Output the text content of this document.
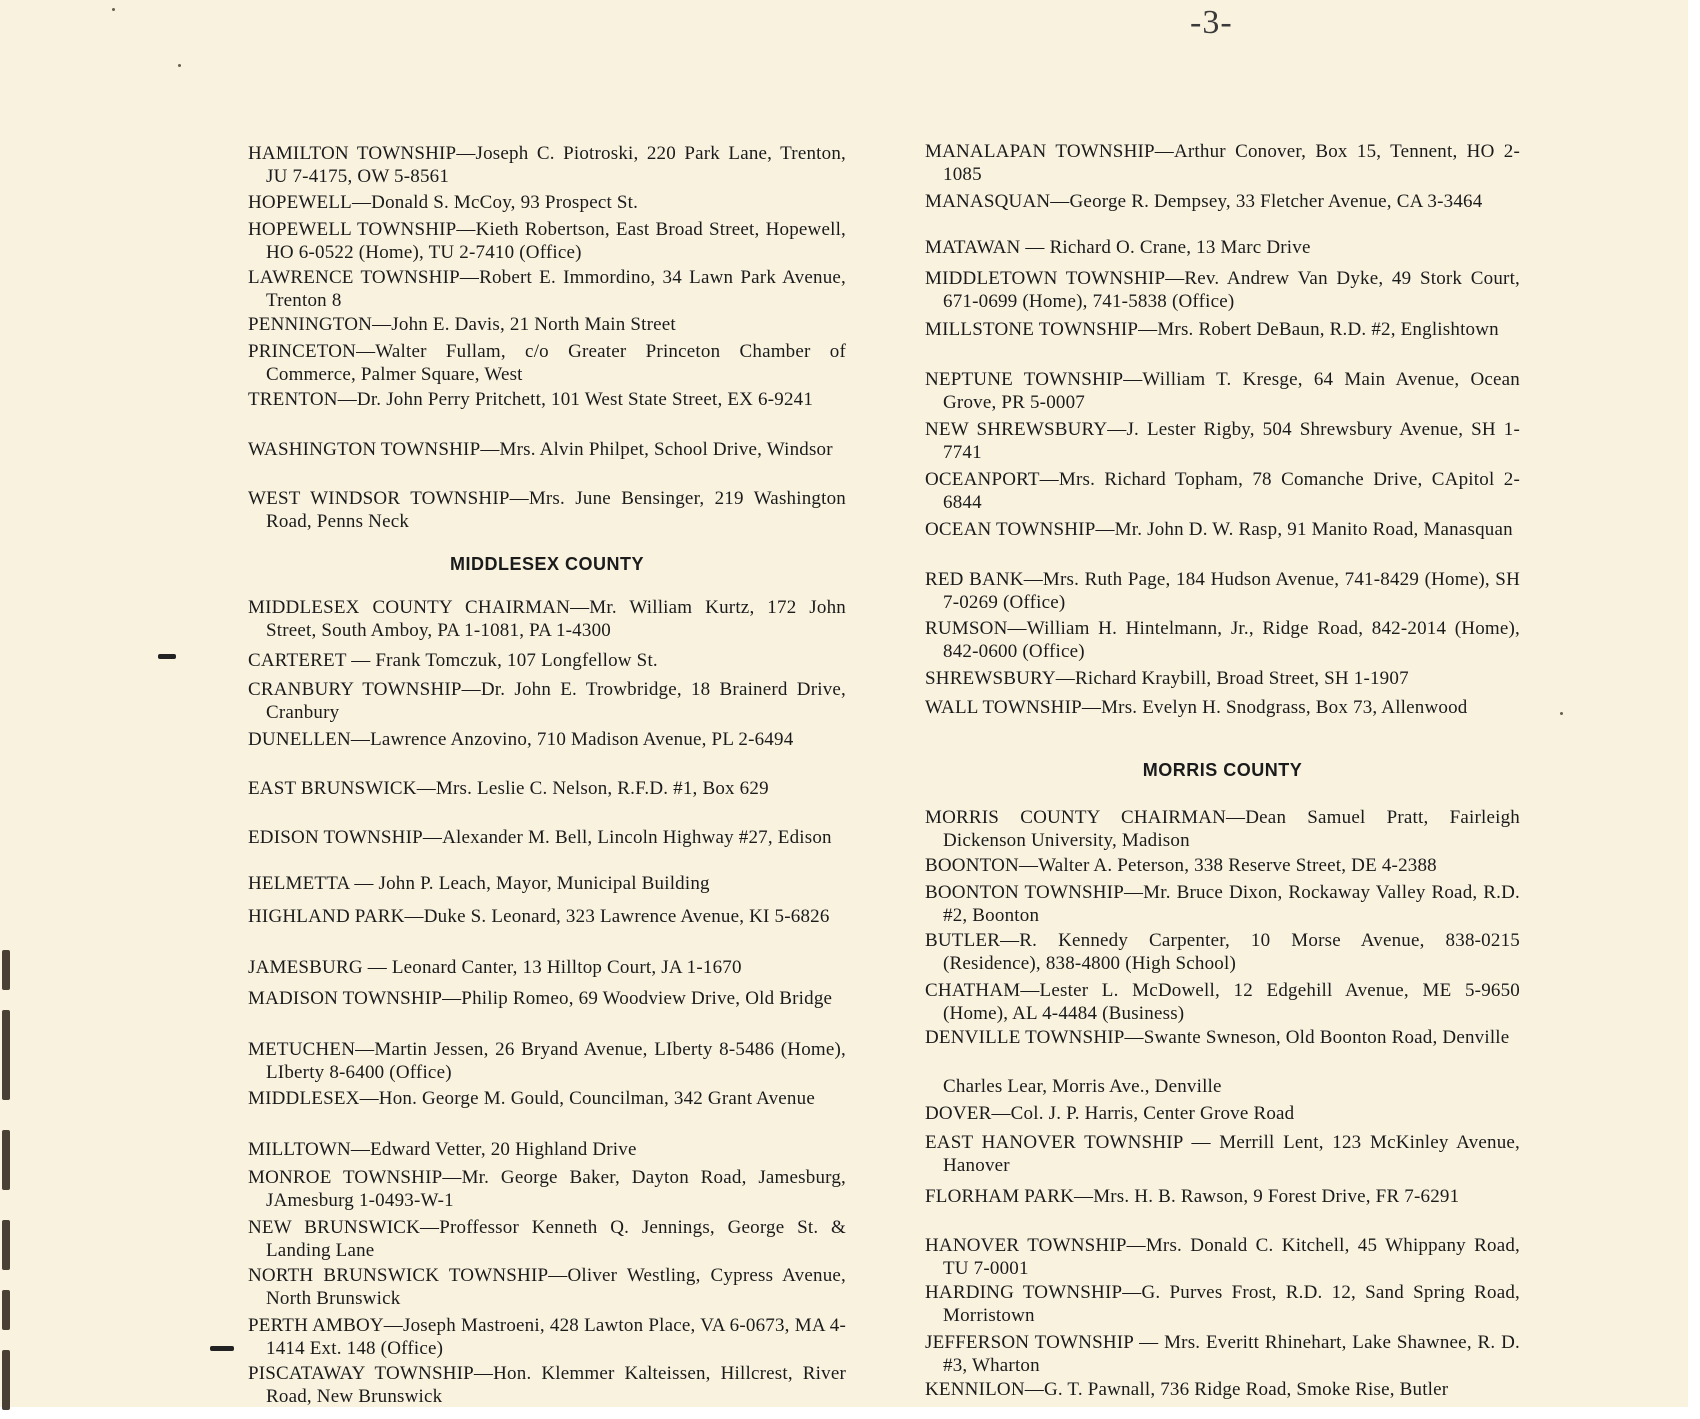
-3-
HAMILTON TOWNSHIP—Joseph C. Piotroski, 220 Park Lane, Trenton, JU 7-4175, OW 5-8561
HOPEWELL—Donald S. McCoy, 93 Prospect St.
HOPEWELL TOWNSHIP—Kieth Robertson, East Broad Street, Hopewell, HO 6-0522 (Home), TU 2-7410 (Office)
LAWRENCE TOWNSHIP—Robert E. Immordino, 34 Lawn Park Avenue, Trenton 8
PENNINGTON—John E. Davis, 21 North Main Street
PRINCETON—Walter Fullam, c/o Greater Princeton Chamber of Commerce, Palmer Square, West
TRENTON—Dr. John Perry Pritchett, 101 West State Street, EX 6-9241
WASHINGTON TOWNSHIP—Mrs. Alvin Philpet, School Drive, Windsor
WEST WINDSOR TOWNSHIP—Mrs. June Bensinger, 219 Washington Road, Penns Neck
MIDDLESEX COUNTY
MIDDLESEX COUNTY CHAIRMAN—Mr. William Kurtz, 172 John Street, South Amboy, PA 1-1081, PA 1-4300
CARTERET — Frank Tomczuk, 107 Longfellow St.
CRANBURY TOWNSHIP—Dr. John E. Trowbridge, 18 Brainerd Drive, Cranbury
DUNELLEN—Lawrence Anzovino, 710 Madison Avenue, PL 2-6494
EAST BRUNSWICK—Mrs. Leslie C. Nelson, R.F.D. #1, Box 629
EDISON TOWNSHIP—Alexander M. Bell, Lincoln Highway #27, Edison
HELMETTA — John P. Leach, Mayor, Municipal Building
HIGHLAND PARK—Duke S. Leonard, 323 Lawrence Avenue, KI 5-6826
JAMESBURG — Leonard Canter, 13 Hilltop Court, JA 1-1670
MADISON TOWNSHIP—Philip Romeo, 69 Woodview Drive, Old Bridge
METUCHEN—Martin Jessen, 26 Bryand Avenue, LIberty 8-5486 (Home), LIberty 8-6400 (Office)
MIDDLESEX—Hon. George M. Gould, Councilman, 342 Grant Avenue
MILLTOWN—Edward Vetter, 20 Highland Drive
MONROE TOWNSHIP—Mr. George Baker, Dayton Road, Jamesburg, JAmesburg 1-0493-W-1
NEW BRUNSWICK—Proffessor Kenneth Q. Jennings, George St. & Landing Lane
NORTH BRUNSWICK TOWNSHIP—Oliver Westling, Cypress Avenue, North Brunswick
PERTH AMBOY—Joseph Mastroeni, 428 Lawton Place, VA 6-0673, MA 4-1414 Ext. 148 (Office)
PISCATAWAY TOWNSHIP—Hon. Klemmer Kalteissen, Hillcrest, River Road, New Brunswick
MANALAPAN TOWNSHIP—Arthur Conover, Box 15, Tennent, HO 2-1085
MANASQUAN—George R. Dempsey, 33 Fletcher Avenue, CA 3-3464
MATAWAN — Richard O. Crane, 13 Marc Drive
MIDDLETOWN TOWNSHIP—Rev. Andrew Van Dyke, 49 Stork Court, 671-0699 (Home), 741-5838 (Office)
MILLSTONE TOWNSHIP—Mrs. Robert DeBaun, R.D. #2, Englishtown
NEPTUNE TOWNSHIP—William T. Kresge, 64 Main Avenue, Ocean Grove, PR 5-0007
NEW SHREWSBURY—J. Lester Rigby, 504 Shrewsbury Avenue, SH 1-7741
OCEANPORT—Mrs. Richard Topham, 78 Comanche Drive, CApitol 2-6844
OCEAN TOWNSHIP—Mr. John D. W. Rasp, 91 Manito Road, Manasquan
RED BANK—Mrs. Ruth Page, 184 Hudson Avenue, 741-8429 (Home), SH 7-0269 (Office)
RUMSON—William H. Hintelmann, Jr., Ridge Road, 842-2014 (Home), 842-0600 (Office)
SHREWSBURY—Richard Kraybill, Broad Street, SH 1-1907
WALL TOWNSHIP—Mrs. Evelyn H. Snodgrass, Box 73, Allenwood
MORRIS COUNTY
MORRIS COUNTY CHAIRMAN—Dean Samuel Pratt, Fairleigh Dickenson University, Madison
BOONTON—Walter A. Peterson, 338 Reserve Street, DE 4-2388
BOONTON TOWNSHIP—Mr. Bruce Dixon, Rockaway Valley Road, R.D. #2, Boonton
BUTLER—R. Kennedy Carpenter, 10 Morse Avenue, 838-0215 (Residence), 838-4800 (High School)
CHATHAM—Lester L. McDowell, 12 Edgehill Avenue, ME 5-9650 (Home), AL 4-4484 (Business)
DENVILLE TOWNSHIP—Swante Swneson, Old Boonton Road, Denville
Charles Lear, Morris Ave., Denville
DOVER—Col. J. P. Harris, Center Grove Road
EAST HANOVER TOWNSHIP — Merrill Lent, 123 McKinley Avenue, Hanover
FLORHAM PARK—Mrs. H. B. Rawson, 9 Forest Drive, FR 7-6291
HANOVER TOWNSHIP—Mrs. Donald C. Kitchell, 45 Whippany Road, TU 7-0001
HARDING TOWNSHIP—G. Purves Frost, R.D. 12, Sand Spring Road, Morristown
JEFFERSON TOWNSHIP — Mrs. Everitt Rhinehart, Lake Shawnee, R. D. #3, Wharton
KENNILON—G. T. Pawnall, 736 Ridge Road, Smoke Rise, Butler
